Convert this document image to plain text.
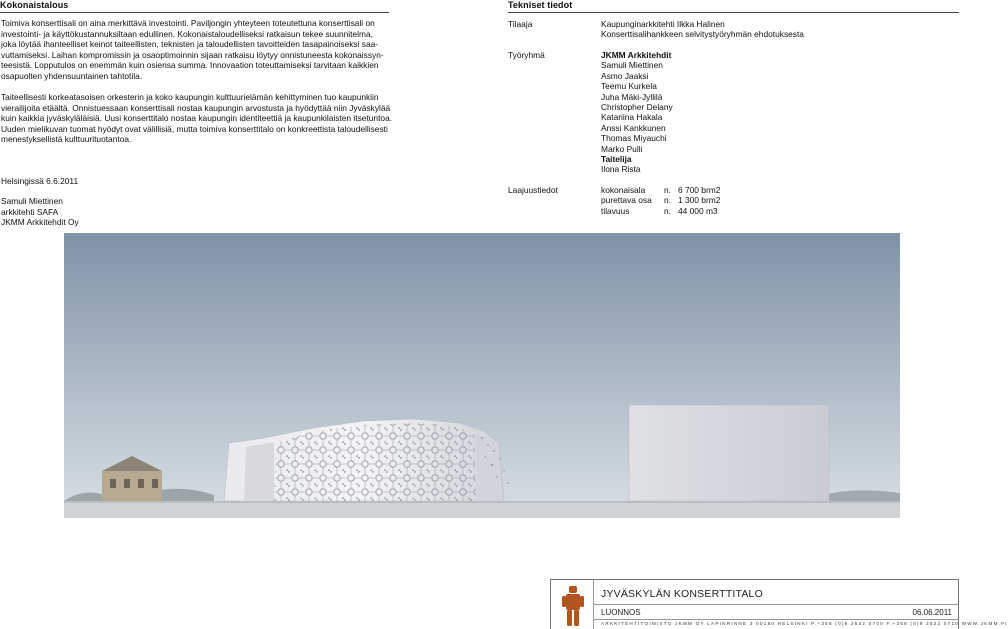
Kokonaistalous

Toimiva konserttisali on aina merkittävä investointi. Paviljongin yhteyteen toteutettuna konserttisali on
investointi- ja käyttökustannuksiltaan edullinen. Kokonaistaloudelliseksi ratkaisun tekee suunnitelma,
joka löytää ihanteelliset keinot taiteellisten, teknisten ja taloudellisten tavoitteiden tasapainoiseksi saa-
vuttamiseksi. Laihan kompromissin ja osaoptimoinnin sijaan ratkaisu löytyy onnistuneesta kokonaissyn-
teesistä. Lopputulos on enemmän kuin osiensa summa. Innovaation toteuttamiseksi tarvitaan kaikkien
osapuolten yhdensuuntainen tahtotila.

Taiteellisesti korkeatasoisen orkesterin ja koko kaupungin kulttuurielämän kehittyminen tuo kaupunkiin
vierailijoita etäältä. Onnistuessaan konserttisali nostaa kaupungin arvostusta ja hyödyttää niin Jyväskylää
kuin kaikkia jyväskyläläisiä. Uusi konserttitalo nostaa kaupungin identiteettiä ja kaupunkilaisten itsetuntoa.
Uuden mielikuvan tuomat hyödyt ovat välillisiä, mutta toimiva konserttitalo on konkreettista taloudellisesti
menestyksellistä kulttuurituotantoa.

Helsingissä 6.6.2011
Samuli Miettinen
arkkitehti SAFA
JKMM Arkkitehdit Oy
Tekniset tiedot
Tilaaja	Kaupunginarkkitehti Ilkka Halinen
Konserttisalihankkeen selvitystyöryhmän ehdotuksesta
Työryhmä	JKMM Arkkitehdit
Samuli Miettinen
Asmo Jaaksi
Teemu Kurkela
Juha Mäki-Jyllilä
Christopher Delany
Katariina Hakala
Anssi Kankkunen
Thomas Miyauchi
Marko Pulli
Taitelija
Ilona Rista
Laajuustiedot	kokonaisala	n. 6 700 brm2
purettava osa	n. 1 300 brm2
tilavuus	n. 44 000 m3
JYVÄSKYLÄN KONSERTTITALO
LUONNOS	06.06.2011
ARKKITEHTITOIMISTO JKMM OY LAPINRINNE 3 00180 HELSINKI P.+358 (0)9 2522 0700 F.+358 (0)9 2522 0710 WWW.JKMM.FI
